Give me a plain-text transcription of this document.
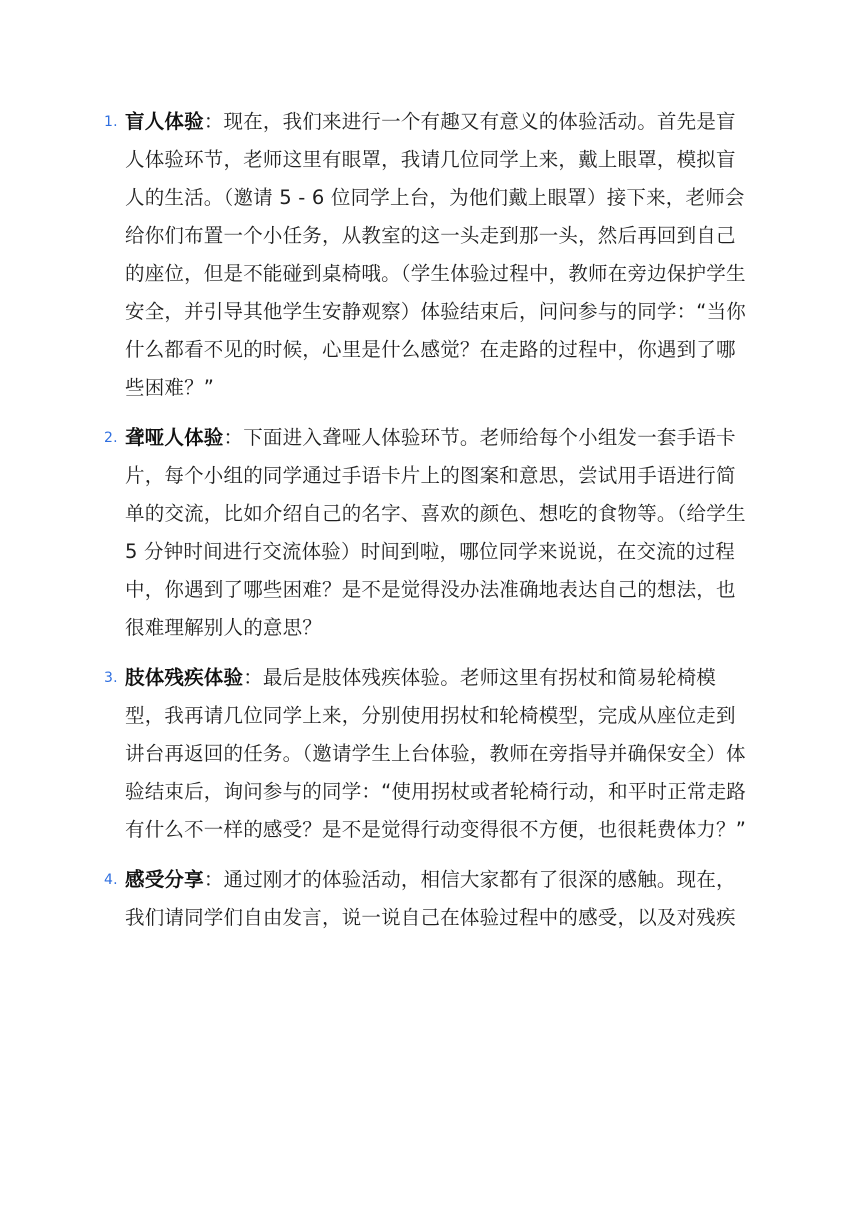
1. 盲人体验：现在，我们来进行一个有趣又有意义的体验活动。首先是盲人体验环节，老师这里有眼罩，我请几位同学上来，戴上眼罩，模拟盲人的生活。（邀请 5 - 6 位同学上台，为他们戴上眼罩）接下来，老师会给你们布置一个小任务，从教室的这一头走到那一头，然后再回到自己的座位，但是不能碰到桌椅哦。（学生体验过程中，教师在旁边保护学生安全，并引导其他学生安静观察）体验结束后，问问参与的同学：“当你什么都看不见的时候，心里是什么感觉？在走路的过程中，你遇到了哪些困难？”
2. 聋哑人体验：下面进入聋哑人体验环节。老师给每个小组发一套手语卡片，每个小组的同学通过手语卡片上的图案和意思，尝试用手语进行简单的交流，比如介绍自己的名字、喜欢的颜色、想吃的食物等。（给学生 5 分钟时间进行交流体验）时间到啦，哪位同学来说说，在交流的过程中，你遇到了哪些困难？是不是觉得没办法准确地表达自己的想法，也很难理解别人的意思？
3. 肢体残疾体验：最后是肢体残疾体验。老师这里有拐杖和简易轮椅模型，我再请几位同学上来，分别使用拐杖和轮椅模型，完成从座位走到讲台再返回的任务。（邀请学生上台体验，教师在旁指导并确保安全）体验结束后，询问参与的同学：“使用拐杖或者轮椅行动，和平时正常走路有什么不一样的感受？是不是觉得行动变得很不方便，也很耗费体力？”
4. 感受分享：通过刚才的体验活动，相信大家都有了很深的感触。现在，我们请同学们自由发言，说一说自己在体验过程中的感受，以及对残疾
